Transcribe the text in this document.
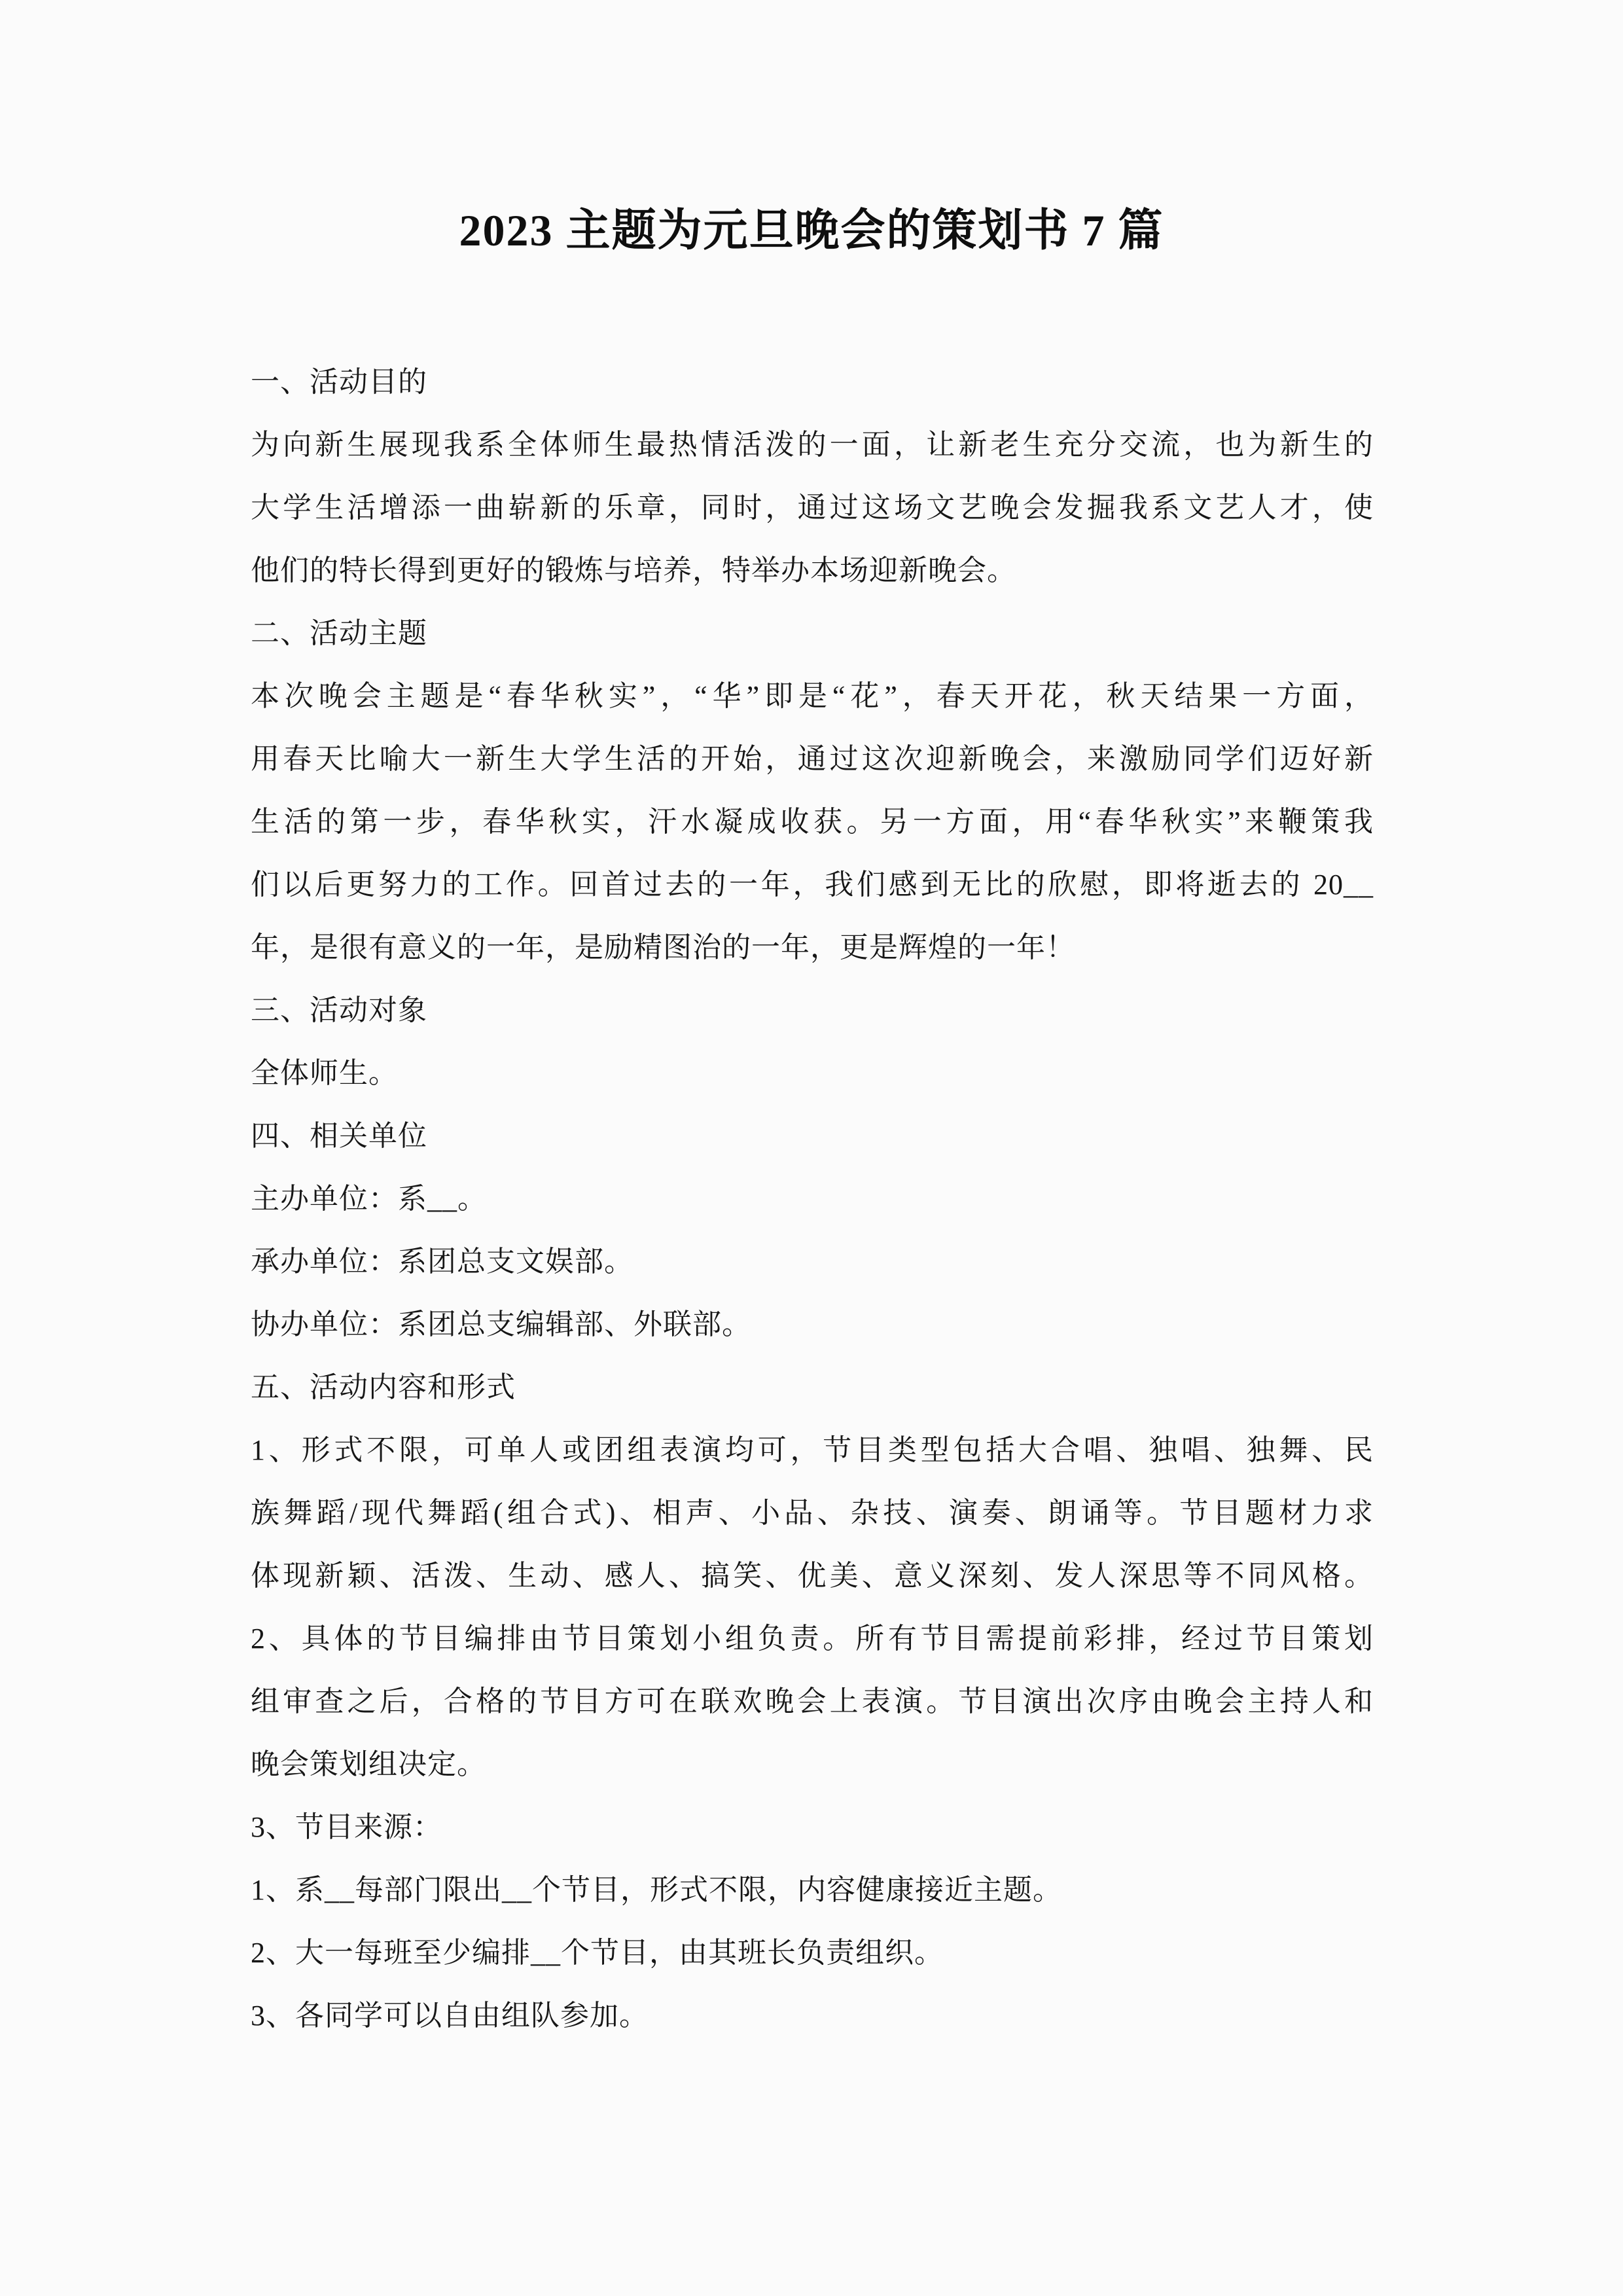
2023 主题为元旦晚会的策划书 7 篇
一、活动目的
为向新生展现我系全体师生最热情活泼的一面，让新老生充分交流，也为新生的
大学生活增添一曲崭新的乐章，同时，通过这场文艺晚会发掘我系文艺人才，使
他们的特长得到更好的锻炼与培养，特举办本场迎新晚会。
二、活动主题
本次晚会主题是“春华秋实”，“华”即是“花”，春天开花，秋天结果一方面，
用春天比喻大一新生大学生活的开始，通过这次迎新晚会，来激励同学们迈好新
生活的第一步，春华秋实，汗水凝成收获。另一方面，用“春华秋实”来鞭策我
们以后更努力的工作。回首过去的一年，我们感到无比的欣慰，即将逝去的 20__
年，是很有意义的一年，是励精图治的一年，更是辉煌的一年！
三、活动对象
全体师生。
四、相关单位
主办单位：系__。
承办单位：系团总支文娱部。
协办单位：系团总支编辑部、外联部。
五、活动内容和形式
1、形式不限，可单人或团组表演均可，节目类型包括大合唱、独唱、独舞、民
族舞蹈/现代舞蹈(组合式)、相声、小品、杂技、演奏、朗诵等。节目题材力求
体现新颖、活泼、生动、感人、搞笑、优美、意义深刻、发人深思等不同风格。
2、具体的节目编排由节目策划小组负责。所有节目需提前彩排，经过节目策划
组审查之后，合格的节目方可在联欢晚会上表演。节目演出次序由晚会主持人和
晚会策划组决定。
3、节目来源：
1、系__每部门限出__个节目，形式不限，内容健康接近主题。
2、大一每班至少编排__个节目，由其班长负责组织。
3、各同学可以自由组队参加。
